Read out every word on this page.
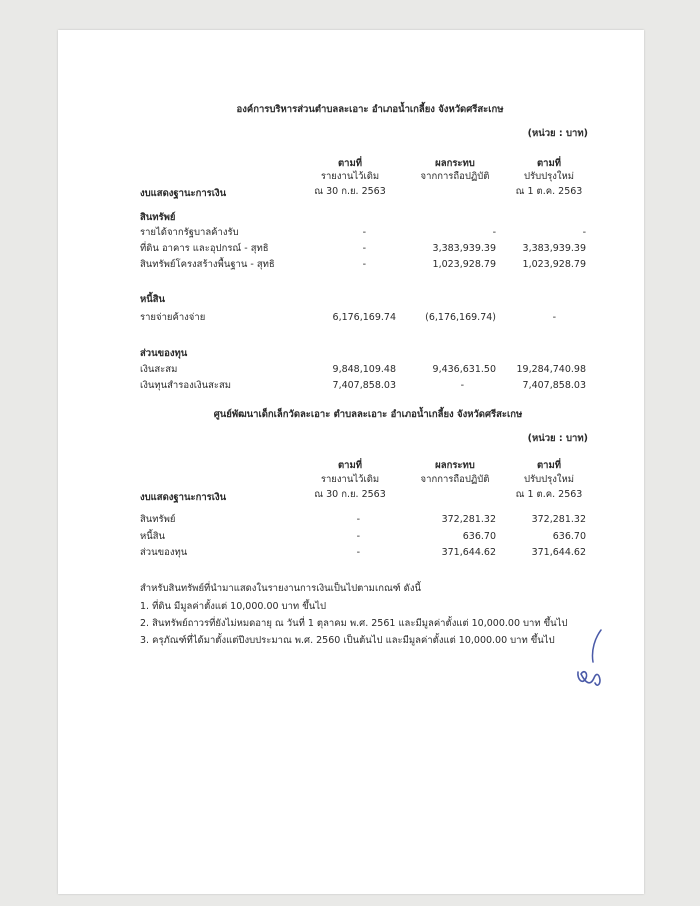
องค์การบริหารส่วนตำบลละเอาะ อำเภอน้ำเกลี้ยง จังหวัดศรีสะเกษ
(หน่วย : บาท)
ตามที่
รายงานไว้เดิม
ณ 30 ก.ย. 2563
ผลกระทบ
จากการถือปฏิบัติ
ตามที่
ปรับปรุงใหม่
ณ 1 ต.ค. 2563
งบแสดงฐานะการเงิน
สินทรัพย์
รายได้จากรัฐบาลค้างรับ	-	-	-
ที่ดิน อาคาร และอุปกรณ์ - สุทธิ	-	3,383,939.39	3,383,939.39
สินทรัพย์โครงสร้างพื้นฐาน - สุทธิ	-	1,023,928.79	1,023,928.79
หนี้สิน
รายจ่ายค้างจ่าย	6,176,169.74	(6,176,169.74)	-
ส่วนของทุน
เงินสะสม	9,848,109.48	9,436,631.50 19,284,740.98
เงินทุนสำรองเงินสะสม	7,407,858.03	-	7,407,858.03
ศูนย์พัฒนาเด็กเล็กวัดละเอาะ ตำบลละเอาะ อำเภอน้ำเกลี้ยง จังหวัดศรีสะเกษ
(หน่วย : บาท)
ตามที่
รายงานไว้เดิม
ณ 30 ก.ย. 2563
ผลกระทบ
จากการถือปฏิบัติ
ตามที่
ปรับปรุงใหม่
ณ 1 ต.ค. 2563
งบแสดงฐานะการเงิน
สินทรัพย์	-	372,281.32	372,281.32
หนี้สิน	-	636.70	636.70
ส่วนของทุน	-	371,644.62	371,644.62
สำหรับสินทรัพย์ที่นำมาแสดงในรายงานการเงินเป็นไปตามเกณฑ์ ดังนี้
1. ที่ดิน มีมูลค่าตั้งแต่ 10,000.00 บาท ขึ้นไป
2. สินทรัพย์ถาวรที่ยังไม่หมดอายุ ณ วันที่ 1 ตุลาคม พ.ศ. 2561 และมีมูลค่าตั้งแต่ 10,000.00 บาท ขึ้นไป
3. ครุภัณฑ์ที่ได้มาตั้งแต่ปีงบประมาณ พ.ศ. 2560 เป็นต้นไป และมีมูลค่าตั้งแต่ 10,000.00 บาท ขึ้นไป
